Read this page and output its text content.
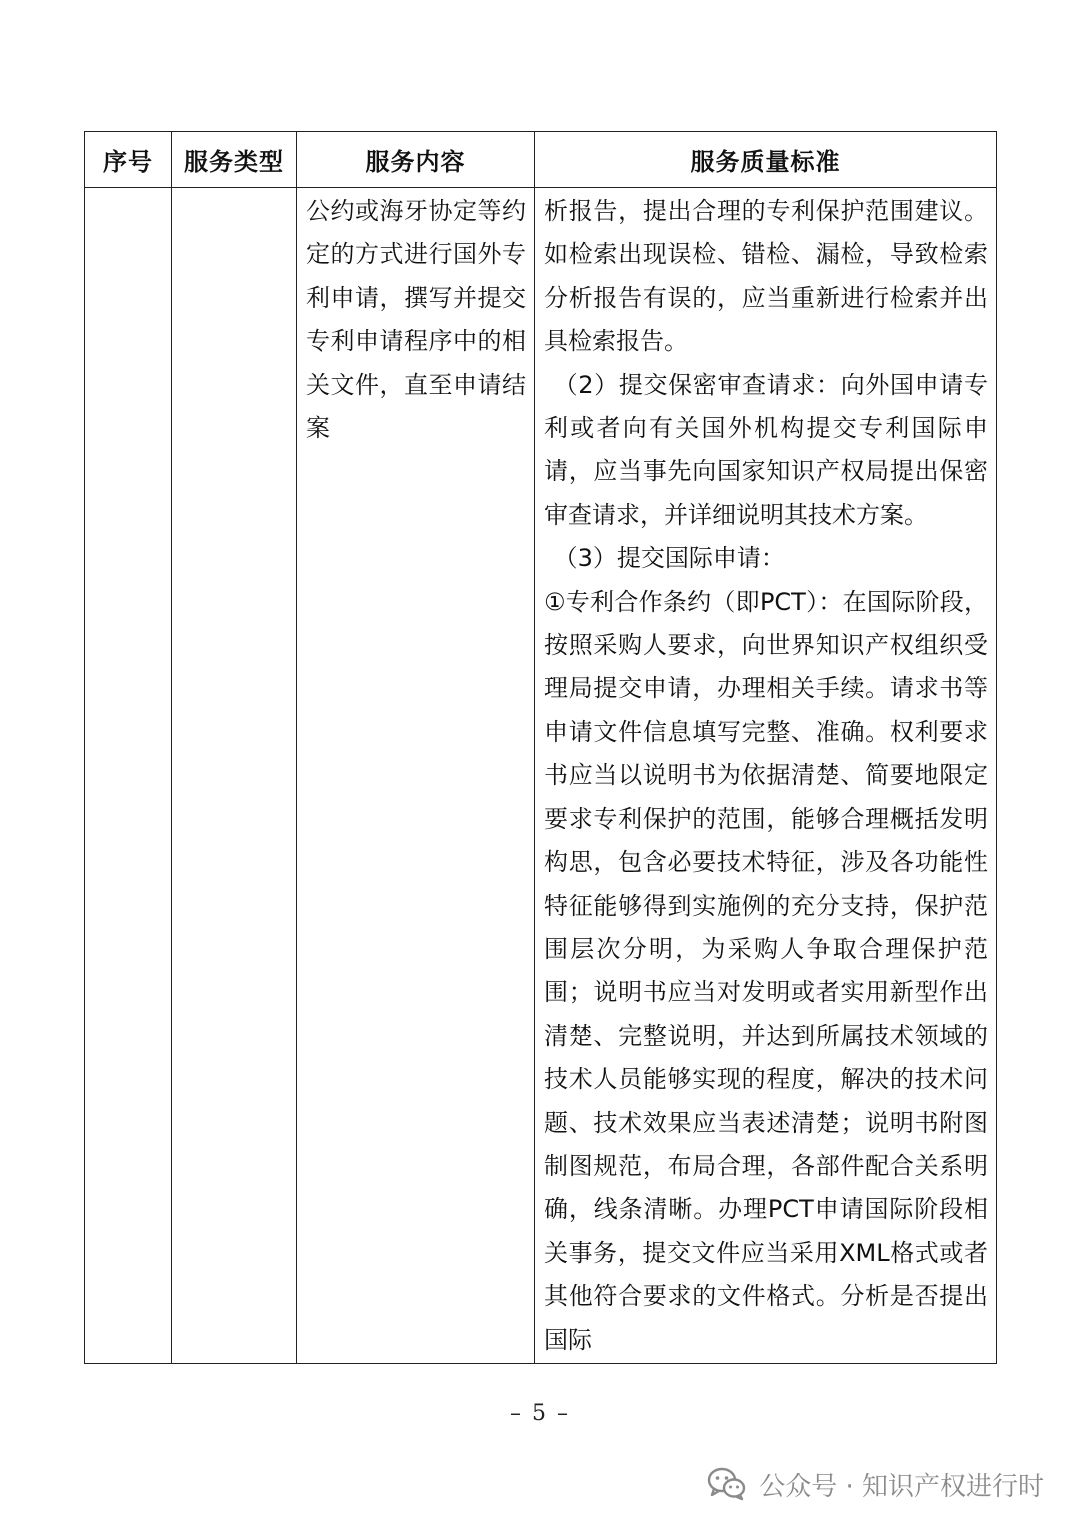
序号	服务类型	服务内容	服务质量标准

		公约或海牙协定等约定的方式进行国外专利申请，撰写并提交专利申请程序中的相关文件，直至申请结案	析报告，提出合理的专利保护范围建议。如检索出现误检、错检、漏检，导致检索分析报告有误的，应当重新进行检索并出具检索报告。

（2）提交保密审查请求：向外国申请专利或者向有关国外机构提交专利国际申请，应当事先向国家知识产权局提出保密审查请求，并详细说明其技术方案。

（3）提交国际申请：

①专利合作条约（即PCT）：在国际阶段，按照采购人要求，向世界知识产权组织受理局提交申请，办理相关手续。请求书等申请文件信息填写完整、准确。权利要求书应当以说明书为依据清楚、简要地限定要求专利保护的范围，能够合理概括发明构思，包含必要技术特征，涉及各功能性特征能够得到实施例的充分支持，保护范围层次分明，为采购人争取合理保护范围；说明书应当对发明或者实用新型作出清楚、完整说明，并达到所属技术领域的技术人员能够实现的程度，解决的技术问题、技术效果应当表述清楚；说明书附图制图规范，布局合理，各部件配合关系明确，线条清晰。办理PCT申请国际阶段相关事务，提交文件应当采用XML格式或者其他符合要求的文件格式。分析是否提出国际

– 5 –
公众号 · 知识产权进行时
